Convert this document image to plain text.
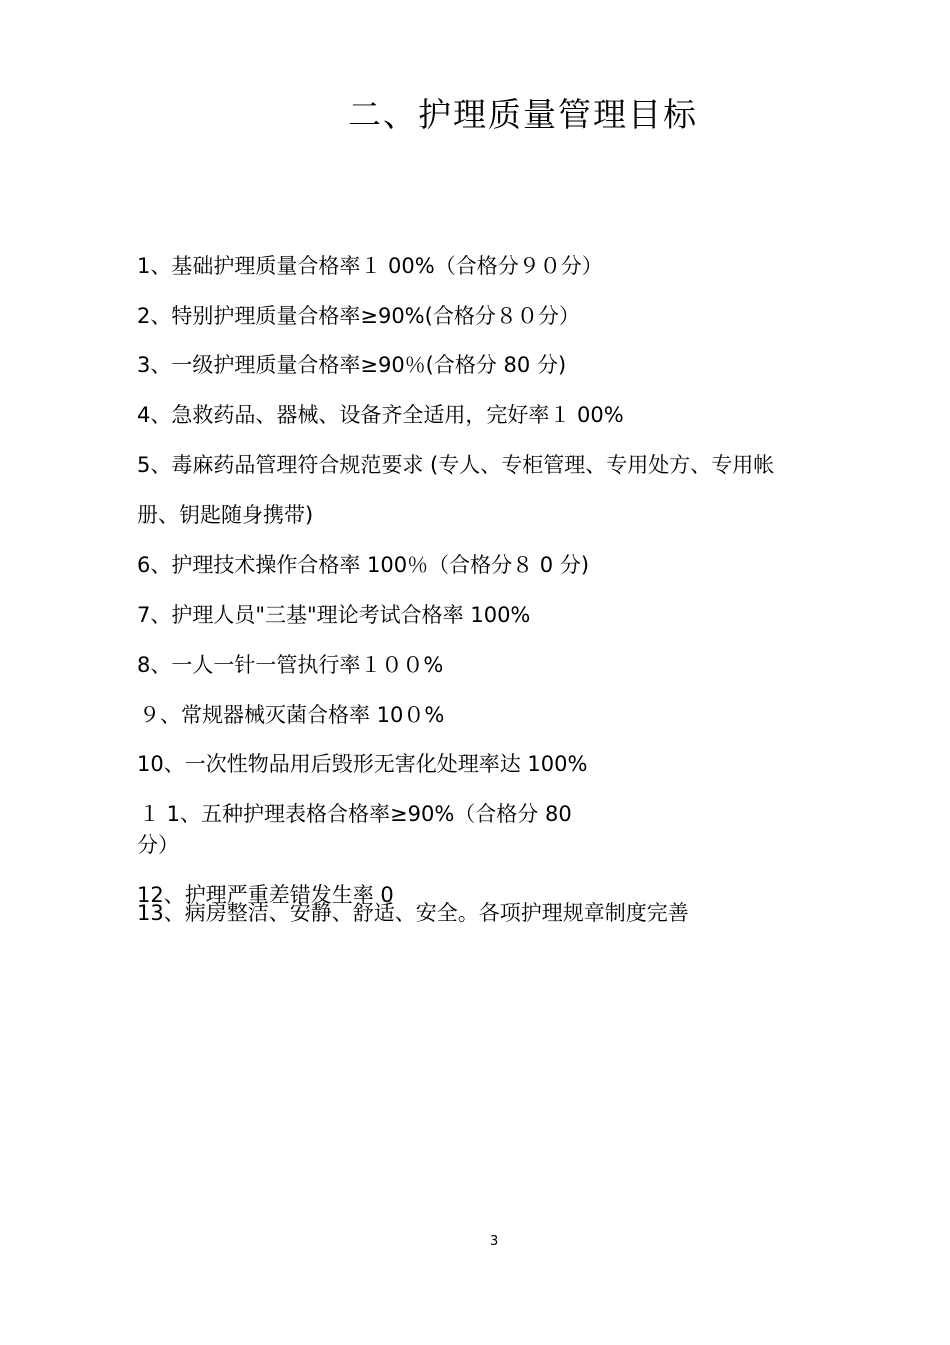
二、护理质量管理目标
1、基础护理质量合格率１ 00%（合格分９０分）
2、特别护理质量合格率≥90%(合格分８０分）
3、一级护理质量合格率≥90％(合格分 80 分)
4、急救药品、器械、设备齐全适用，完好率１ 00%
5、毒麻药品管理符合规范要求 (专人、专柜管理、专用处方、专用帐
册、钥匙随身携带)
6、护理技术操作合格率 100％（合格分８ 0 分)
7、护理人员"三基"理论考试合格率 100%
8、一人一针一管执行率１００%
９、常规器械灭菌合格率 10０%
10、一次性物品用后毁形无害化处理率达 100%
１ 1、五种护理表格合格率≥90%（合格分 80
分）
12、护理严重差错发生率 0
13、病房整洁、安静、舒适、安全。各项护理规章制度完善
3
